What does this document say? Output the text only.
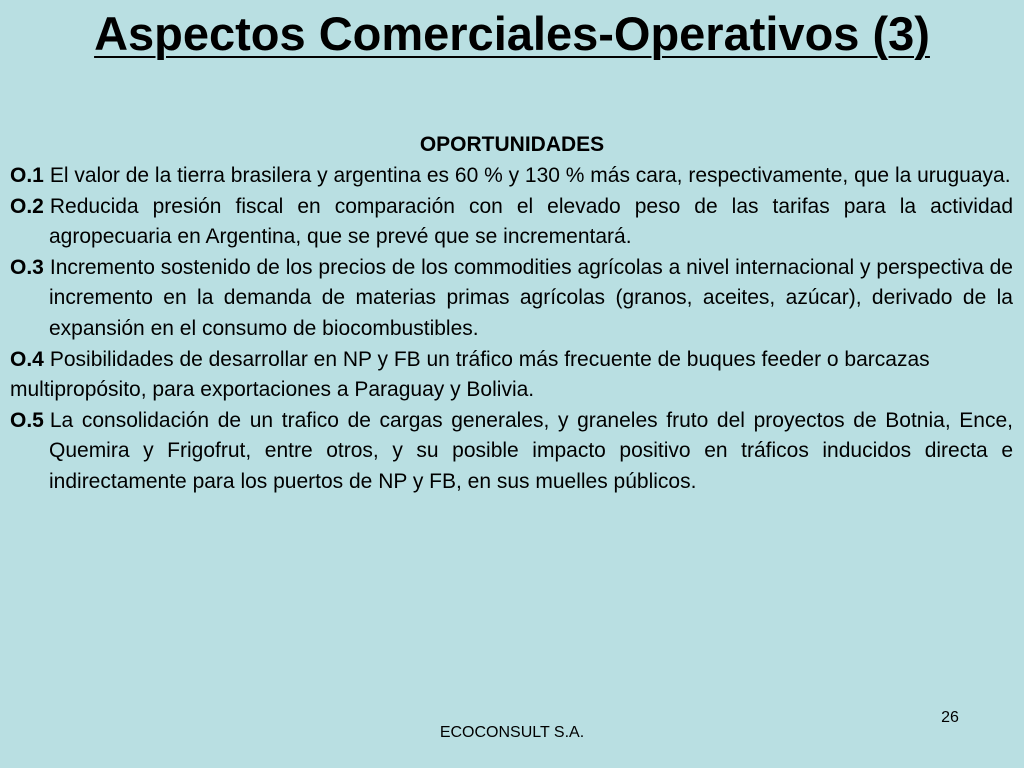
Aspectos Comerciales-Operativos (3)
OPORTUNIDADES
O.1 El valor de la tierra brasilera y argentina es 60 % y 130 % más cara, respectivamente, que la uruguaya.
O.2 Reducida presión fiscal en comparación con el elevado peso de las tarifas para la actividad agropecuaria en Argentina, que se prevé que se incrementará.
O.3 Incremento sostenido de los precios de los commodities agrícolas a nivel internacional y perspectiva de incremento en la demanda de materias primas agrícolas (granos, aceites, azúcar), derivado de la expansión en el consumo de biocombustibles.
O.4 Posibilidades de desarrollar en NP y FB un tráfico más frecuente de buques feeder o barcazas multipropósito, para exportaciones a Paraguay y Bolivia.
O.5 La consolidación de un trafico de cargas generales, y graneles fruto del proyectos de Botnia, Ence, Quemira y Frigofrut, entre otros, y su posible impacto positivo en tráficos inducidos directa e indirectamente para los puertos de NP y FB, en sus muelles públicos.
26
ECOCONSULT S.A.
